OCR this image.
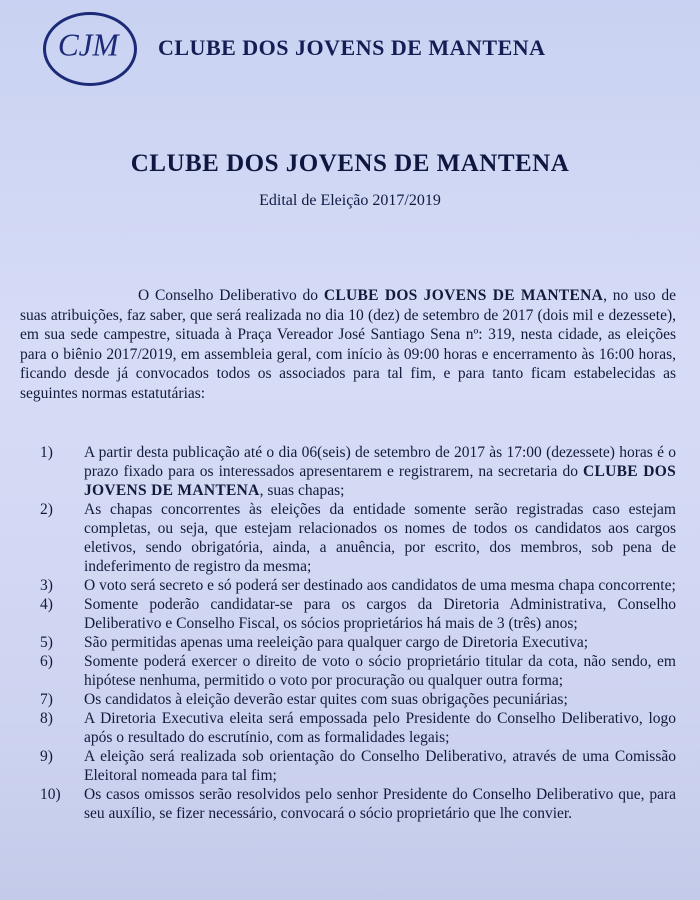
CJM CLUBE DOS JOVENS DE MANTENA
CLUBE DOS JOVENS DE MANTENA

Edital de Eleição 2017/2019

O Conselho Deliberativo do CLUBE DOS JOVENS DE MANTENA, no uso de suas atribuições, faz saber, que será realizada no dia 10 (dez) de setembro de 2017 (dois mil e dezessete), em sua sede campestre, situada à Praça Vereador José Santiago Sena nº: 319, nesta cidade, as eleições para o biênio 2017/2019, em assembleia geral, com início às 09:00 horas e encerramento às 16:00 horas, ficando desde já convocados todos os associados para tal fim, e para tanto ficam estabelecidas as seguintes normas estatutárias:

1)	A partir desta publicação até o dia 06(seis) de setembro de 2017 às 17:00 (dezessete) horas é o prazo fixado para os interessados apresentarem e registrarem, na secretaria do CLUBE DOS JOVENS DE MANTENA, suas chapas;
2)	As chapas concorrentes às eleições da entidade somente serão registradas caso estejam completas, ou seja, que estejam relacionados os nomes de todos os candidatos aos cargos eletivos, sendo obrigatória, ainda, a anuência, por escrito, dos membros, sob pena de indeferimento de registro da mesma;
3)	O voto será secreto e só poderá ser destinado aos candidatos de uma mesma chapa concorrente;
4)	Somente poderão candidatar-se para os cargos da Diretoria Administrativa, Conselho Deliberativo e Conselho Fiscal, os sócios proprietários há mais de 3 (três) anos;
5)	São permitidas apenas uma reeleição para qualquer cargo de Diretoria Executiva;
6)	Somente poderá exercer o direito de voto o sócio proprietário titular da cota, não sendo, em hipótese nenhuma, permitido o voto por procuração ou qualquer outra forma;
7)	Os candidatos à eleição deverão estar quites com suas obrigações pecuniárias;
8)	A Diretoria Executiva eleita será empossada pelo Presidente do Conselho Deliberativo, logo após o resultado do escrutínio, com as formalidades legais;
9)	A eleição será realizada sob orientação do Conselho Deliberativo, através de uma Comissão Eleitoral nomeada para tal fim;
10)	Os casos omissos serão resolvidos pelo senhor Presidente do Conselho Deliberativo que, para seu auxílio, se fizer necessário, convocará o sócio proprietário que lhe convier.
